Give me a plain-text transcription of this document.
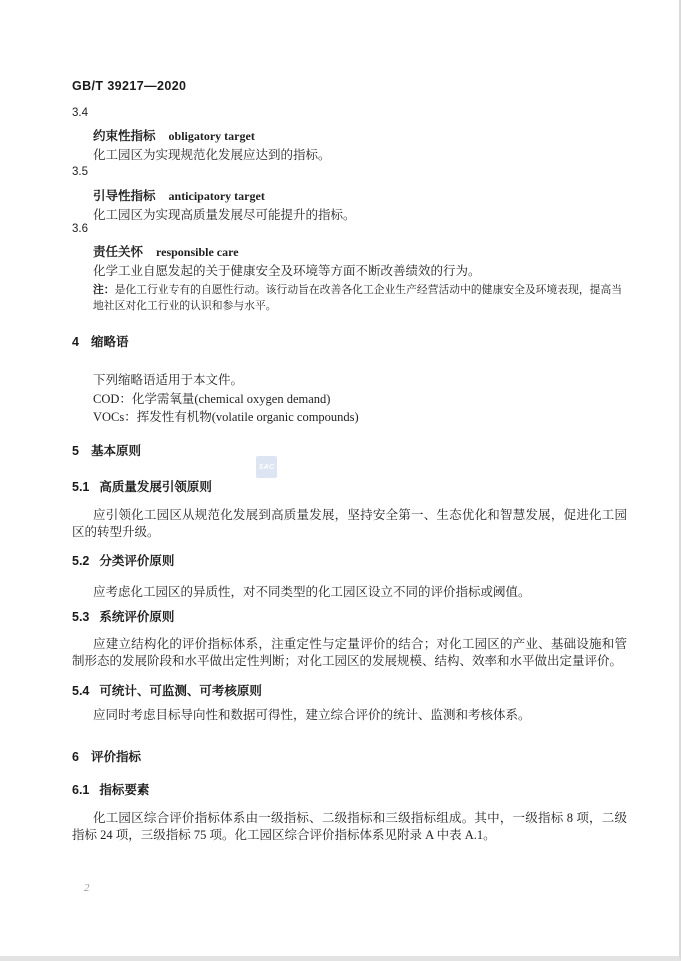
GB/T 39217—2020
3.4
约束性指标 obligatory target
化工园区为实现规范化发展应达到的指标。
3.5
引导性指标 anticipatory target
化工园区为实现高质量发展尽可能提升的指标。
3.6
责任关怀 responsible care
化学工业自愿发起的关于健康安全及环境等方面不断改善绩效的行为。
注：是化工行业专有的自愿性行动。该行动旨在改善各化工企业生产经营活动中的健康安全及环境表现，提高当地社区对化工行业的认识和参与水平。
4 缩略语
下列缩略语适用于本文件。
COD：化学需氧量(chemical oxygen demand)
VOCs：挥发性有机物(volatile organic compounds)
5 基本原则
5.1 高质量发展引领原则
应引领化工园区从规范化发展到高质量发展，坚持安全第一、生态优化和智慧发展，促进化工园区的转型升级。
5.2 分类评价原则
应考虑化工园区的异质性，对不同类型的化工园区设立不同的评价指标或阈值。
5.3 系统评价原则
应建立结构化的评价指标体系，注重定性与定量评价的结合；对化工园区的产业、基础设施和管制形态的发展阶段和水平做出定性判断；对化工园区的发展规模、结构、效率和水平做出定量评价。
5.4 可统计、可监测、可考核原则
应同时考虑目标导向性和数据可得性，建立综合评价的统计、监测和考核体系。
6 评价指标
6.1 指标要素
化工园区综合评价指标体系由一级指标、二级指标和三级指标组成。其中，一级指标 8 项，二级指标 24 项，三级指标 75 项。化工园区综合评价指标体系见附录 A 中表 A.1。
SAC
2
